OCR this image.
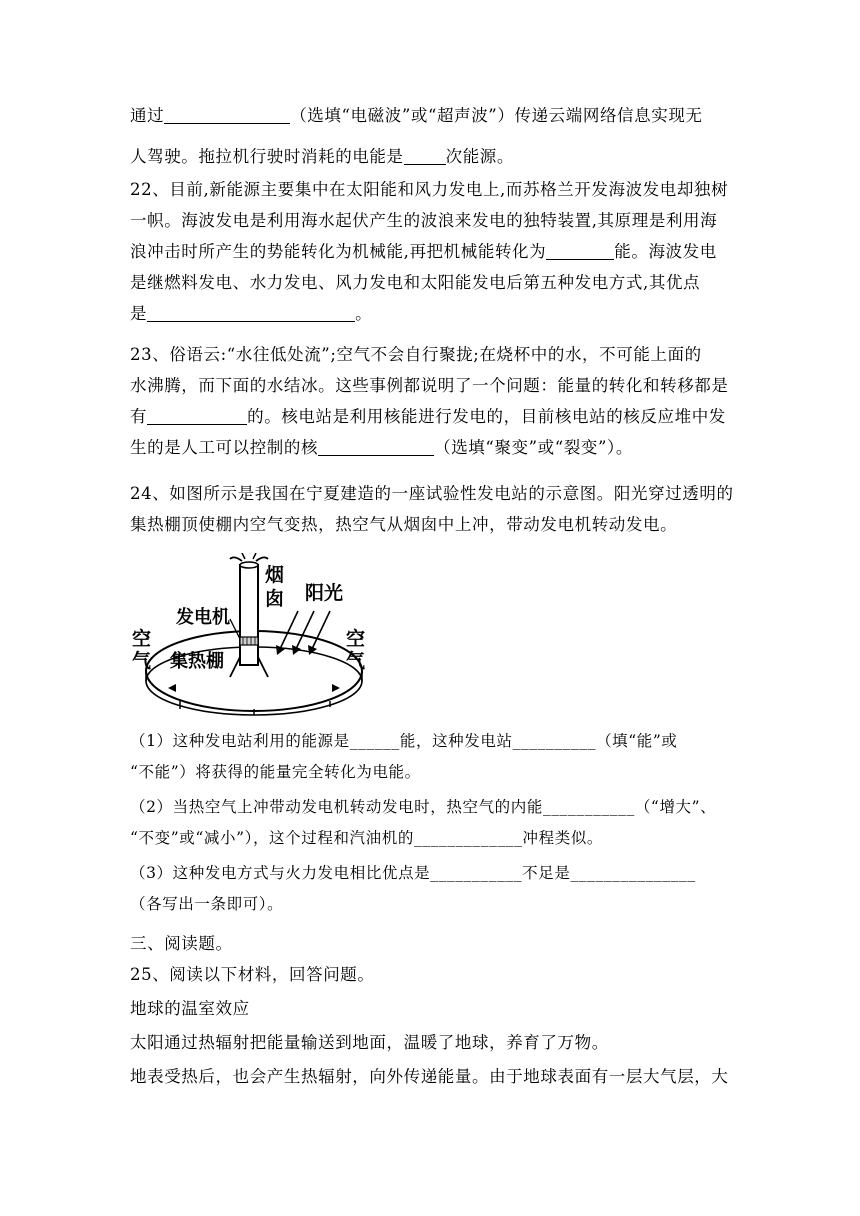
通过	（选填“电磁波”或“超声波”）传递云端网络信息实现无
人驾驶。拖拉机行驶时消耗的电能是	次能源。
22、目前,新能源主要集中在太阳能和风力发电上,而苏格兰开发海波发电却独树
一帜。海波发电是利用海水起伏产生的波浪来发电的独特装置,其原理是利用海
浪冲击时所产生的势能转化为机械能,再把机械能转化为	能。海波发电
是继燃料发电、水力发电、风力发电和太阳能发电后第五种发电方式,其优点
是	。
23、俗语云:“水往低处流”;空气不会自行聚拢;在烧杯中的水，不可能上面的
水沸腾，而下面的水结冰。这些事例都说明了一个问题：能量的转化和转移都是
有	的。核电站是利用核能进行发电的，目前核电站的核反应堆中发
生的是人工可以控制的核	（选填“聚变”或“裂变”）。
24、如图所示是我国在宁夏建造的一座试验性发电站的示意图。阳光穿过透明的
集热棚顶使棚内空气变热，热空气从烟囱中上冲，带动发电机转动发电。
烟
囱 阳光
发电机
空
气
空
气
集热棚
（1）这种发电站利用的能源是______能，这种发电站__________（填“能”或
“不能”）将获得的能量完全转化为电能。
（2）当热空气上冲带动发电机转动发电时，热空气的内能___________（“增大”、
“不变”或“减小”），这个过程和汽油机的_____________冲程类似。
（3）这种发电方式与火力发电相比优点是___________不足是_______________
（各写出一条即可）。
三、阅读题。
25、阅读以下材料，回答问题。
地球的温室效应
太阳通过热辐射把能量输送到地面，温暖了地球，养育了万物。
地表受热后，也会产生热辐射，向外传递能量。由于地球表面有一层大气层，大
